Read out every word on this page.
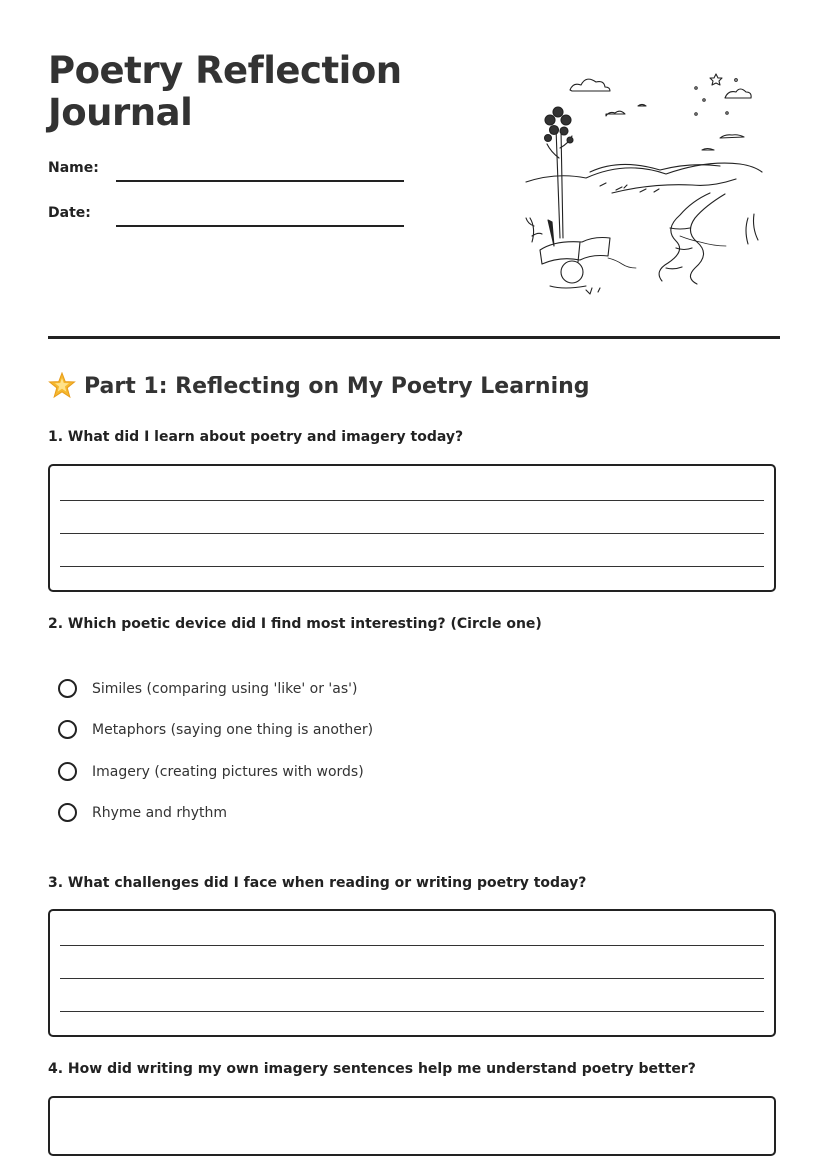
Poetry Reflection
Journal
Name:
Date:
Part 1: Reflecting on My Poetry Learning

1. What did I learn about poetry and imagery today?

2. Which poetic device did I find most interesting? (Circle one)

Similes (comparing using 'like' or 'as')
Metaphors (saying one thing is another)
Imagery (creating pictures with words)
Rhyme and rhythm

3. What challenges did I face when reading or writing poetry today?

4. How did writing my own imagery sentences help me understand poetry better?
